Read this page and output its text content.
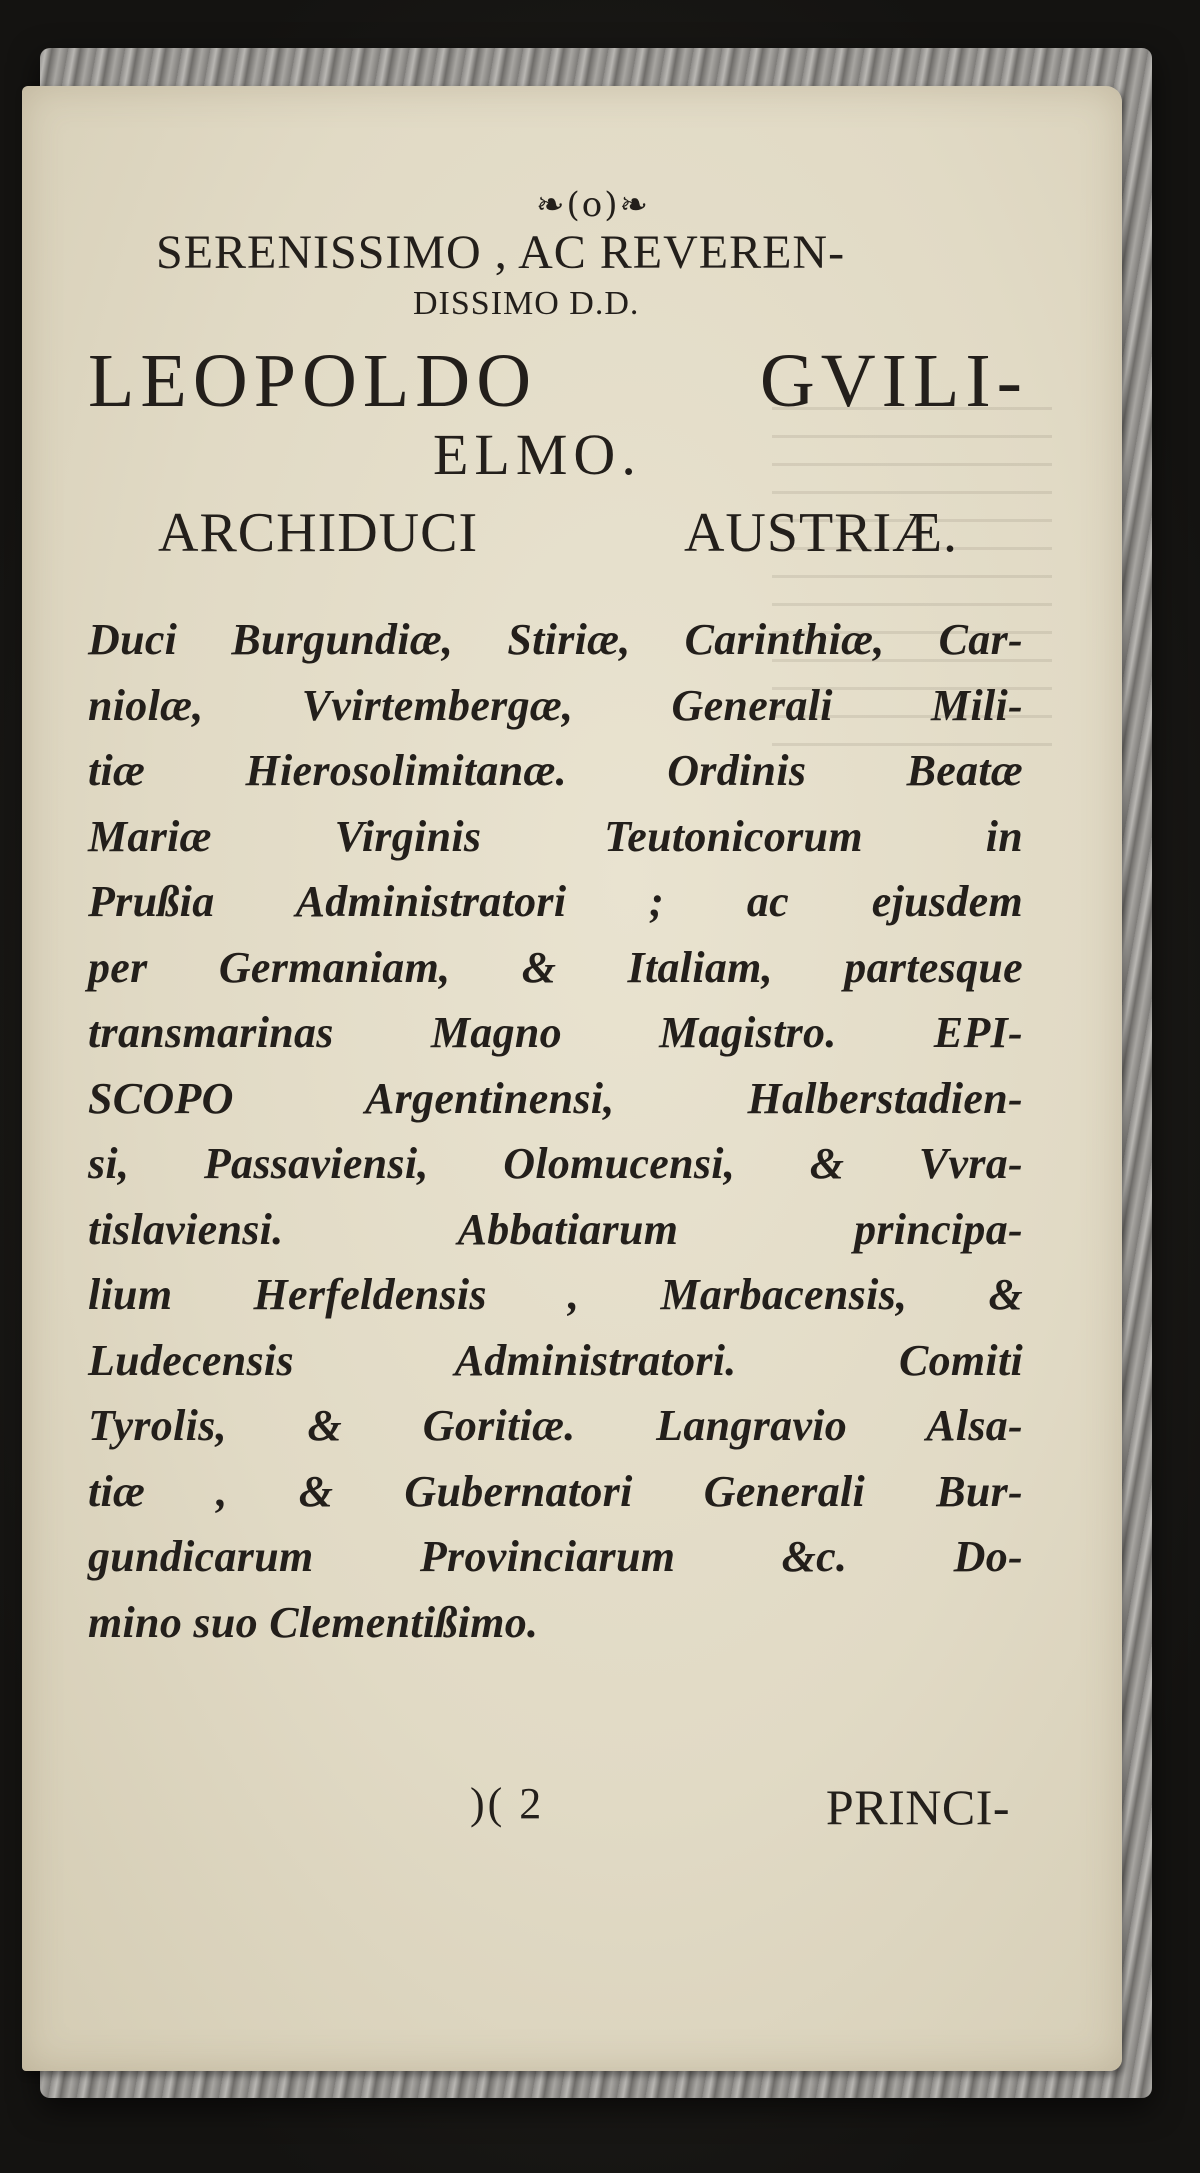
❧(o)❧
SERENISSIMO , AC REVEREN-
DISSIMO D.D.
LEOPOLDO	GVILI-
ELMO.
ARCHIDUCI	AUSTRIÆ.
Duci Burgundiæ, Stiriæ, Carinthiæ, Car-
niolæ, Vvirtembergæ, Generali Mili-
tiæ Hierosolimitanæ. Ordinis Beatæ
Mariæ Virginis Teutonicorum in
Prußia Administratori ; ac ejusdem
per Germaniam, & Italiam, partesque
transmarinas Magno Magistro. EPI-
SCOPO Argentinensi, Halberstadien-
si, Passaviensi, Olomucensi, & Vvra-
tislaviensi. Abbatiarum principa-
lium Herfeldensis , Marbacensis, &
Ludecensis Administratori. Comiti
Tyrolis, & Goritiæ. Langravio Alsa-
tiæ , & Gubernatori Generali Bur-
gundicarum Provinciarum &c. Do-
mino suo Clementißimo.
)( 2	PRINCI-
